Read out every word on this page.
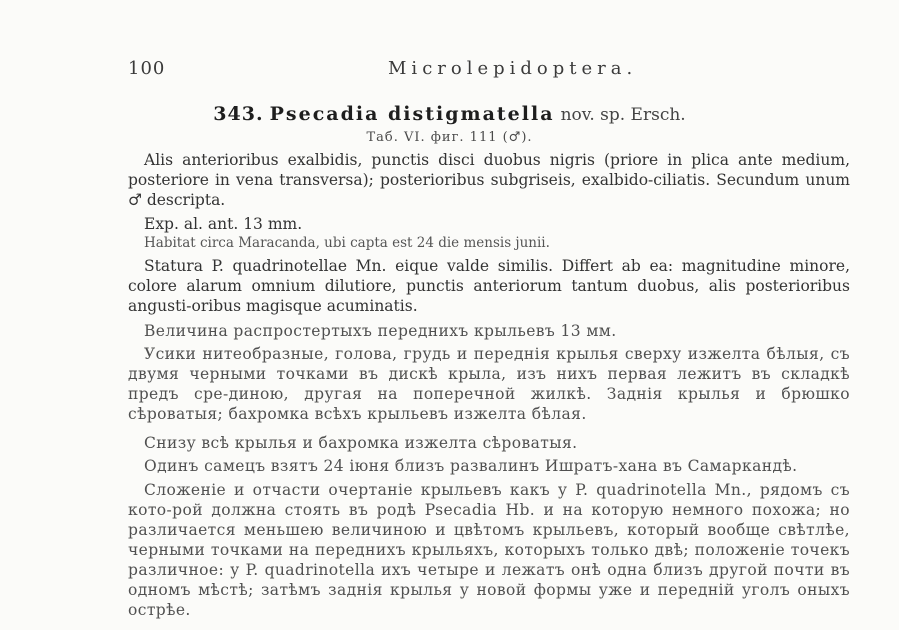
100	Microlepidoptera.
343. Psecadia distigmatella nov. sp. Ersch.
Таб. VI. фиг. 111 (♂).
Alis anterioribus exalbidis, punctis disci duobus nigris (priore in plica ante medium, posteriore in vena transversa); posterioribus subgriseis, exalbido-ciliatis. Secundum unum ♂ descripta.
Exp. al. ant. 13 mm.
Habitat circa Maracanda, ubi capta est 24 die mensis junii.
Statura P. quadrinotellae Mn. eique valde similis. Differt ab ea: magnitudine minore, colore alarum omnium dilutiore, punctis anteriorum tantum duobus, alis posterioribus angusti-oribus magisque acuminatis.
Величина распростертыхъ переднихъ крыльевъ 13 мм.
Усики нитеобразные, голова, грудь и переднія крылья сверху изжелта бѣлыя, съ двумя черными точками въ дискѣ крыла, изъ нихъ первая лежитъ въ складкѣ предъ сре-диною, другая на поперечной жилкѣ. Заднія крылья и брюшко сѣроватыя; бахромка всѣхъ крыльевъ изжелта бѣлая.
Снизу всѣ крылья и бахромка изжелта сѣроватыя.
Одинъ самецъ взятъ 24 іюня близъ развалинъ Ишратъ-хана въ Самаркандѣ.
Сложеніе и отчасти очертаніе крыльевъ какъ у P. quadrinotella Mn., рядомъ съ кото-рой должна стоять въ родѣ Psecadia Hb. и на которую немного похожа; но различается меньшею величиною и цвѣтомъ крыльевъ, который вообще свѣтлѣе, черными точками на переднихъ крыльяхъ, которыхъ только двѣ; положеніе точекъ различное: у P. quadrinotella ихъ четыре и лежатъ онѣ одна близъ другой почти въ одномъ мѣстѣ; затѣмъ заднія крылья у новой формы уже и передній уголъ оныхъ острѣе.
